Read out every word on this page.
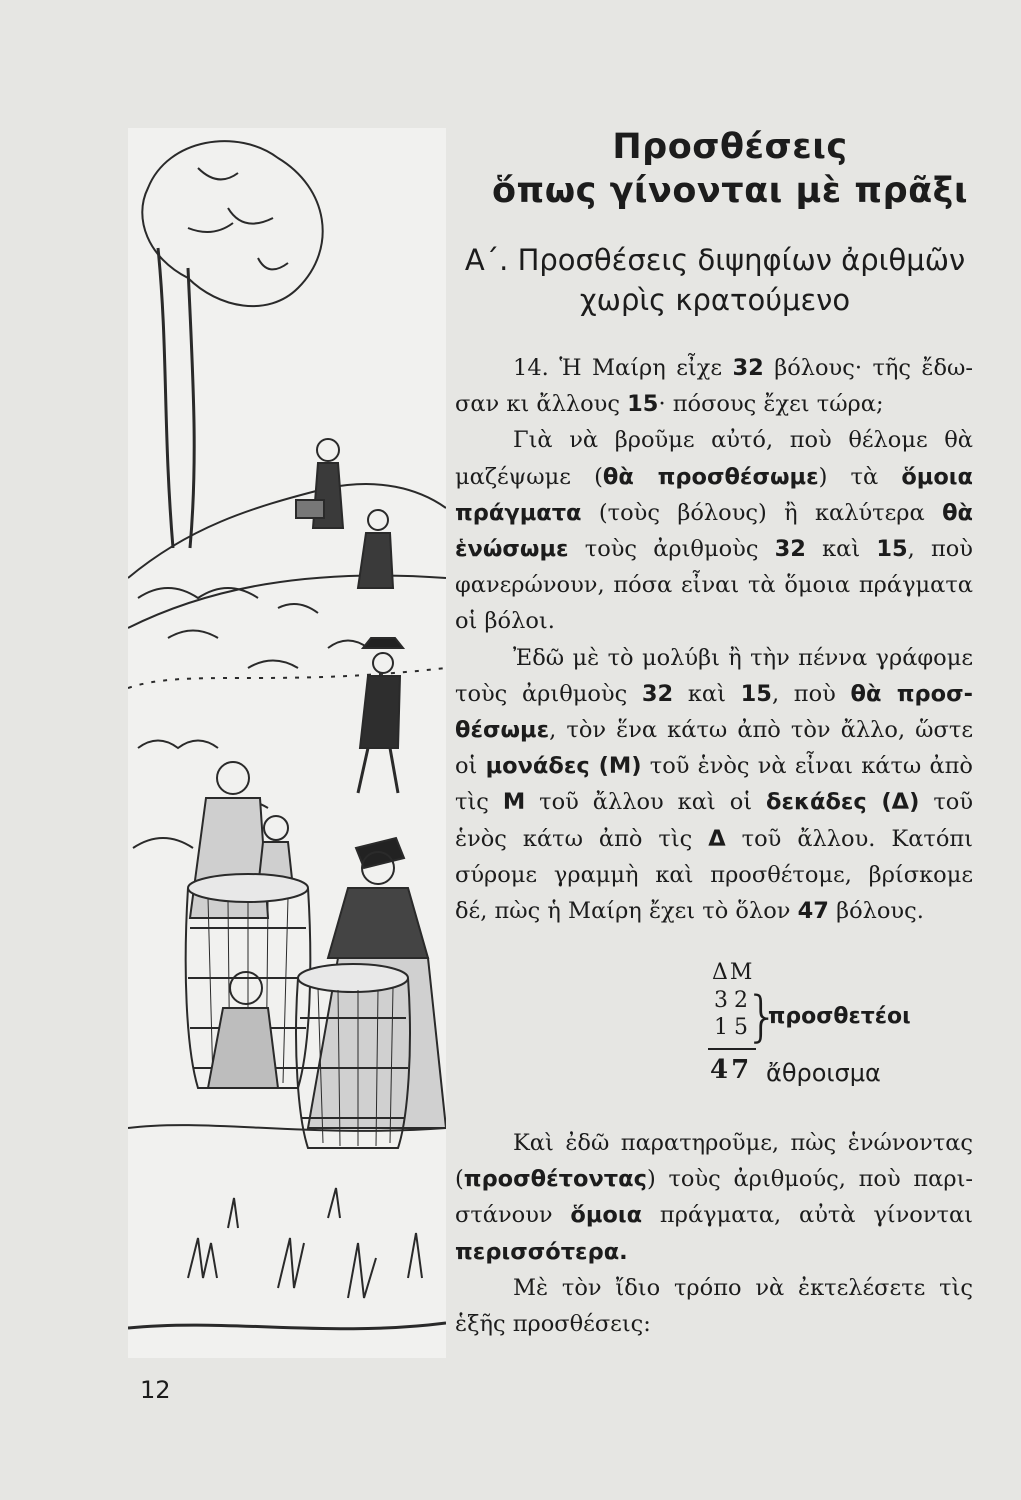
Προσθέσεις
ὅπως γίνονται μὲ πρᾶξι
Α΄. Προσθέσεις διψηφίων ἀριθμῶν
χωρὶς κρατούμενο

14. Ἡ Μαίρη εἶχε 32 βόλους· τῆς ἔδωσαν κι ἄλλους 15· πόσους ἔχει τώρα;

Γιὰ νὰ βροῦμε αὐτό, ποὺ θέλομε θὰ μαζέψωμε (θὰ προσθέσωμε) τὰ ὅμοια πράγματα (τοὺς βόλους) ἢ καλύτερα θὰ ἑνώσωμε τοὺς ἀριθμοὺς 32 καὶ 15, ποὺ φανερώνουν, πόσα εἶναι τὰ ὅμοια πράγματα οἱ βόλοι.

Ἐδῶ μὲ τὸ μολύβι ἢ τὴν πέννα γράφομε τοὺς ἀριθμοὺς 32 καὶ 15, ποὺ θὰ προσθέσωμε, τὸν ἕνα κάτω ἀπὸ τὸν ἄλλο, ὥστε οἱ μονάδες (Μ) τοῦ ἑνὸς νὰ εἶναι κάτω ἀπὸ τὶς Μ τοῦ ἄλλου καὶ οἱ δεκάδες (Δ) τοῦ ἑνὸς κάτω ἀπὸ τὶς Δ τοῦ ἄλλου. Κατόπι σύρομε γραμμὴ καὶ προσθέτομε, βρίσκομε δέ, πὼς ἡ Μαίρη ἔχει τὸ ὅλον 47 βόλους.

ΔΜ
32
15
}
προσθετέοι
47 ἄθροισμα

Καὶ ἐδῶ παρατηροῦμε, πὼς ἑνώνοντας (προσθέτοντας) τοὺς ἀριθμούς, ποὺ παριστάνουν ὅμοια πράγματα, αὐτὰ γίνονται περισσότερα.

Μὲ τὸν ἴδιο τρόπο νὰ ἐκτελέσετε τὶς ἑξῆς προσθέσεις:

12
